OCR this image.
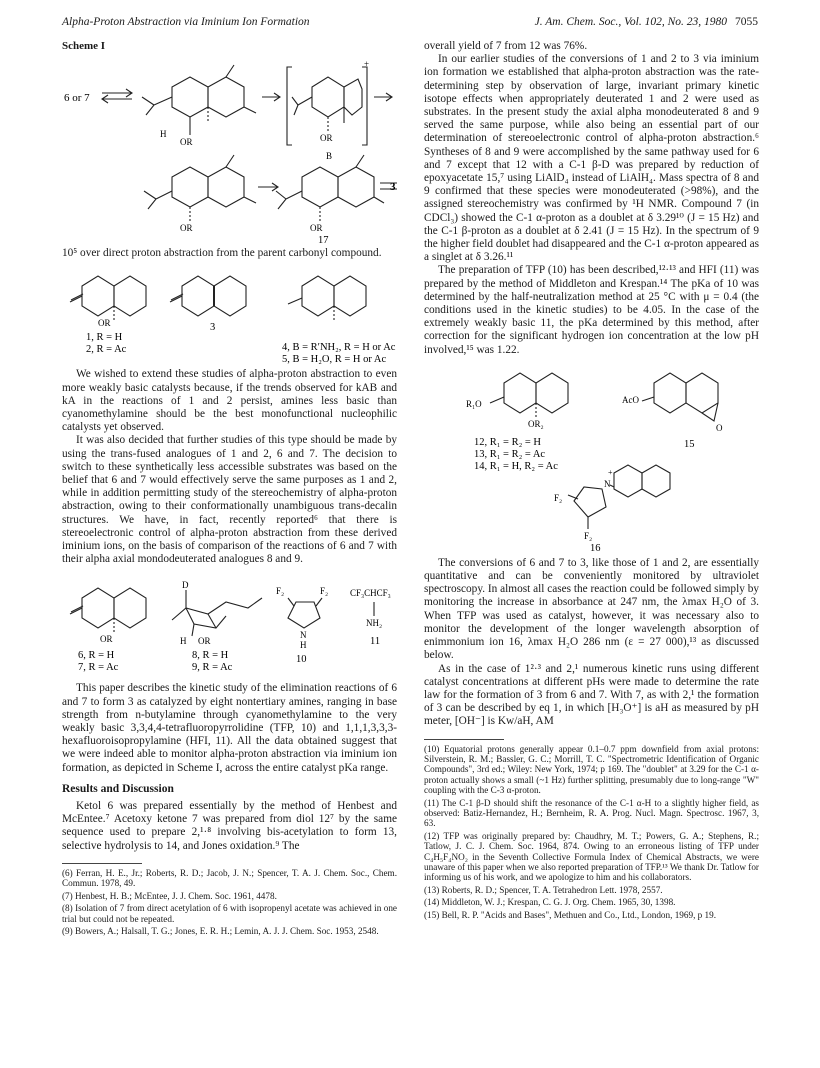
Alpha-Proton Abstraction via Iminium Ion Formation	J. Am. Chem. Soc., Vol. 102, No. 23, 1980 7055
Scheme I
6 or 7
OR
H	OR
B
+
OR	OR
17
3

10⁵ over direct proton abstraction from the parent carbonyl compound.

OR
1, R = H
2, R = Ac
3
4, B = R′NH₂, R = H or Ac
5, B = H₂O, R = H or Ac

We wished to extend these studies of alpha-proton abstraction to even more weakly basic catalysts because, if the trends observed for kAB and kA in the reactions of 1 and 2 persist, amines less basic than cyanomethylamine should be the best monofunctional nucleophilic catalysts yet observed.

It was also decided that further studies of this type should be made by using the trans-fused analogues of 1 and 2, 6 and 7. The decision to switch to these synthetically less accessible substrates was based on the belief that 6 and 7 would effectively serve the same purposes as 1 and 2, while in addition permitting study of the stereochemistry of alpha-proton abstraction, owing to their conformationally unambiguous trans-decalin structures. We have, in fact, recently reported⁶ that there is stereoelectronic control of alpha-proton abstraction from these derived iminium ions, on the basis of comparison of the reactions of 6 and 7 with their alpha axial mondodeuterated analogues 8 and 9.

D
H OR
OR
F₂	F₂
N
H
CF₃CHCF₃
NH₂
6, R = H
7, R = Ac
8, R = H
9, R = Ac
10
11

This paper describes the kinetic study of the elimination reactions of 6 and 7 to form 3 as catalyzed by eight nontertiary amines, ranging in base strength from n-butylamine through cyanomethylamine to the very weakly basic 3,3,4,4-tetrafluoropyrrolidine (TFP, 10) and 1,1,1,3,3,3-hexafluoroisopropylamine (HFI, 11). All the data obtained suggest that we were indeed able to monitor alpha-proton abstraction via iminium ion formation, as depicted in Scheme I, across the entire catalyst pKa range.

Results and Discussion

Ketol 6 was prepared essentially by the method of Henbest and McEntee.⁷ Acetoxy ketone 7 was prepared from diol 12⁷ by the same sequence used to prepare 2,¹·⁸ involving bis-acetylation to form 13, selective hydrolysis to 14, and Jones oxidation.⁹ The

(6) Ferran, H. E., Jr.; Roberts, R. D.; Jacob, J. N.; Spencer, T. A. J. Chem. Soc., Chem. Commun. 1978, 49.
(7) Henbest, H. B.; McEntee, J. J. Chem. Soc. 1961, 4478.
(8) Isolation of 7 from direct acetylation of 6 with isopropenyl acetate was achieved in one trial but could not be repeated.
(9) Bowers, A.; Halsall, T. G.; Jones, E. R. H.; Lemin, A. J. J. Chem. Soc. 1953, 2548.

overall yield of 7 from 12 was 76%.

In our earlier studies of the conversions of 1 and 2 to 3 via iminium ion formation we established that alpha-proton abstraction was the rate-determining step by observation of large, invariant primary kinetic isotope effects when appropriately deuterated 1 and 2 were used as substrates. In the present study the axial alpha monodeuterated 8 and 9 served the same purpose, while also being an essential part of our determination of stereoelectronic control of alpha-proton abstraction.⁶ Syntheses of 8 and 9 were accomplished by the same pathway used for 6 and 7 except that 12 with a C-1 β-D was prepared by reduction of epoxyacetate 15,⁷ using LiAlD₄ instead of LiAlH₄. Mass spectra of 8 and 9 confirmed that these species were monodeuterated (>98%), and the assigned stereochemistry was confirmed by ¹H NMR. Compound 7 (in CDCl₃) showed the C-1 α-proton as a doublet at δ 3.29¹⁰ (J = 15 Hz) and the C-1 β-proton as a doublet at δ 2.41 (J = 15 Hz). In the spectrum of 9 the higher field doublet had disappeared and the C-1 α-proton appeared as a singlet at δ 3.26.¹¹

The preparation of TFP (10) has been described,¹²·¹³ and HFI (11) was prepared by the method of Middleton and Krespan.¹⁴ The pKa of 10 was determined by the half-neutralization method at 25 °C with μ = 0.4 (the conditions used in the kinetic studies) to be 4.05. In the case of the extremely weakly basic 11, the pKa determined by this method, after correction for the significant hydrogen ion concentration at the low pH involved,¹⁵ was 1.22.

R₁O
OR₂
AcO
O
12, R₁ = R₂ = H
13, R₁ = R₂ = Ac
14, R₁ = H, R₂ = Ac
15
N
+
F₂
F₂
16

The conversions of 6 and 7 to 3, like those of 1 and 2, are essentially quantitative and can be conveniently monitored by ultraviolet spectroscopy. In almost all cases the reaction could be followed simply by monitoring the increase in absorbance at 247 nm, the λmax H₂O of 3. When TFP was used as catalyst, however, it was necessary also to monitor the development of the longer wavelength absorption of enimmonium ion 16, λmax H₂O 286 nm (ε = 27 000),¹³ as discussed below.

As in the case of 1²·³ and 2,¹ numerous kinetic runs using different catalyst concentrations at different pHs were made to determine the rate law for the formation of 3 from 6 and 7. With 7, as with 2,¹ the formation of 3 can be described by eq 1, in which [H₃O⁺] is aH as measured by pH meter, [OH⁻] is Kw/aH, AM

(10) Equatorial protons generally appear 0.1–0.7 ppm downfield from axial protons: Silverstein, R. M.; Bassler, G. C.; Morrill, T. C. "Spectrometric Identification of Organic Compounds", 3rd ed.; Wiley: New York, 1974; p 169. The "doublet" at 3.29 for the C-1 α-proton actually shows a small (~1 Hz) further splitting, presumably due to long-range "W" coupling with the C-3 α-proton.
(11) The C-1 β-D should shift the resonance of the C-1 α-H to a slightly higher field, as observed: Batiz-Hernandez, H.; Bernheim, R. A. Prog. Nucl. Magn. Spectrosc. 1967, 3, 63.
(12) TFP was originally prepared by: Chaudhry, M. T.; Powers, G. A.; Stephens, R.; Tatlow, J. C. J. Chem. Soc. 1964, 874. Owing to an erroneous listing of TFP under C₄H₅F₄NO₂ in the Seventh Collective Formula Index of Chemical Abstracts, we were unaware of this paper when we also reported preparation of TFP.¹³ We thank Dr. Tatlow for informing us of his work, and we apologize to him and his collaborators.
(13) Roberts, R. D.; Spencer, T. A. Tetrahedron Lett. 1978, 2557.
(14) Middleton, W. J.; Krespan, C. G. J. Org. Chem. 1965, 30, 1398.
(15) Bell, R. P. "Acids and Bases", Methuen and Co., Ltd., London, 1969, p 19.
